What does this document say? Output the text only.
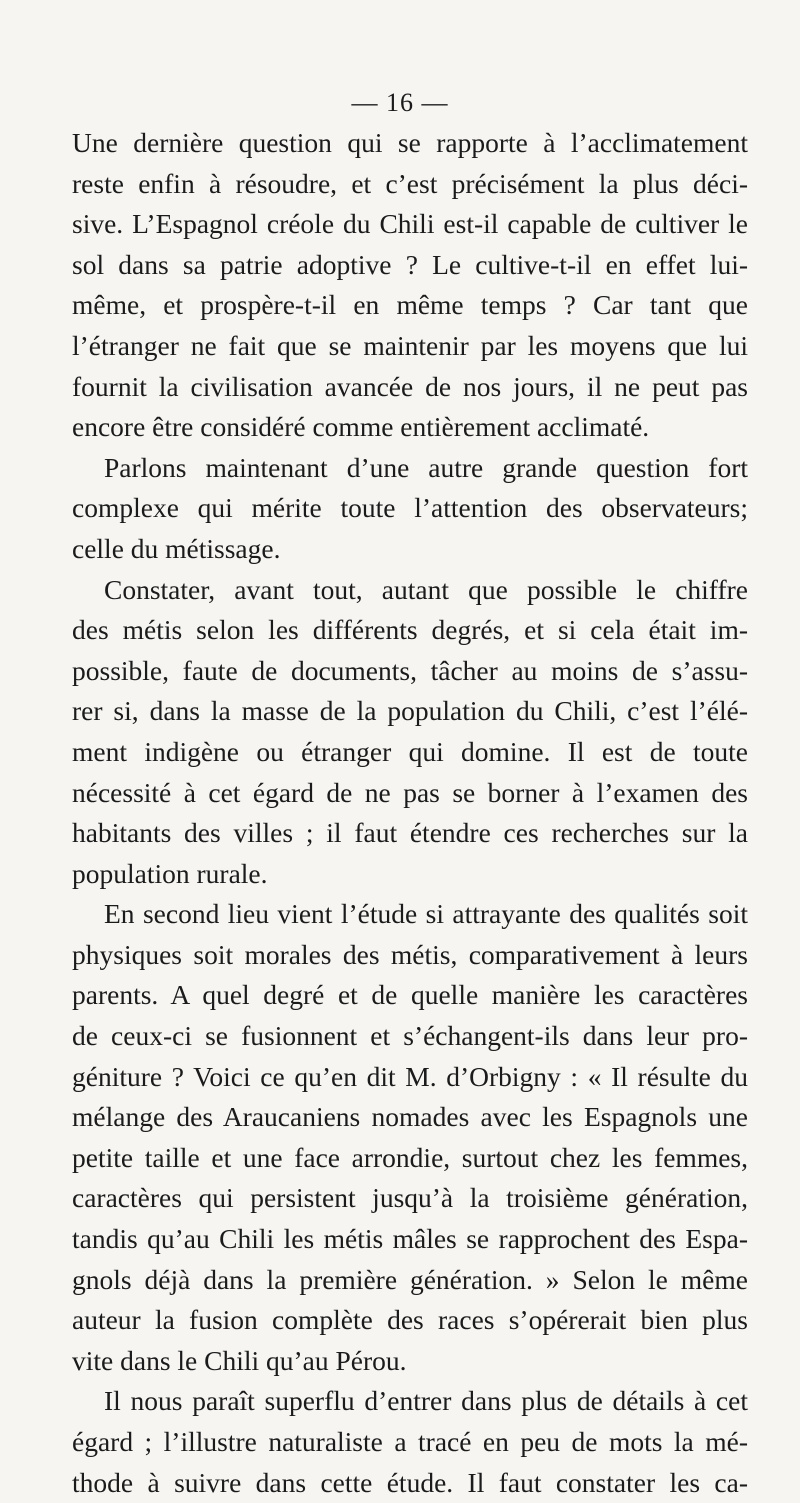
— 16 —
Une dernière question qui se rapporte à l’acclimatement
reste enfin à résoudre, et c’est précisément la plus déci-
sive. L’Espagnol créole du Chili est-il capable de cultiver le
sol dans sa patrie adoptive ? Le cultive-t-il en effet lui-
même, et prospère-t-il en même temps ? Car tant que
l’étranger ne fait que se maintenir par les moyens que lui
fournit la civilisation avancée de nos jours, il ne peut pas
encore être considéré comme entièrement acclimaté.
Parlons maintenant d’une autre grande question fort
complexe qui mérite toute l’attention des observateurs;
celle du métissage.
Constater, avant tout, autant que possible le chiffre
des métis selon les différents degrés, et si cela était im-
possible, faute de documents, tâcher au moins de s’assu-
rer si, dans la masse de la population du Chili, c’est l’élé-
ment indigène ou étranger qui domine. Il est de toute
nécessité à cet égard de ne pas se borner à l’examen des
habitants des villes ; il faut étendre ces recherches sur la
population rurale.
En second lieu vient l’étude si attrayante des qualités soit
physiques soit morales des métis, comparativement à leurs
parents. A quel degré et de quelle manière les caractères
de ceux-ci se fusionnent et s’échangent-ils dans leur pro-
géniture ? Voici ce qu’en dit M. d’Orbigny : « Il résulte du
mélange des Araucaniens nomades avec les Espagnols une
petite taille et une face arrondie, surtout chez les femmes,
caractères qui persistent jusqu’à la troisième génération,
tandis qu’au Chili les métis mâles se rapprochent des Espa-
gnols déjà dans la première génération. » Selon le même
auteur la fusion complète des races s’opérerait bien plus
vite dans le Chili qu’au Pérou.
Il nous paraît superflu d’entrer dans plus de détails à cet
égard ; l’illustre naturaliste a tracé en peu de mots la mé-
thode à suivre dans cette étude. Il faut constater les ca-
